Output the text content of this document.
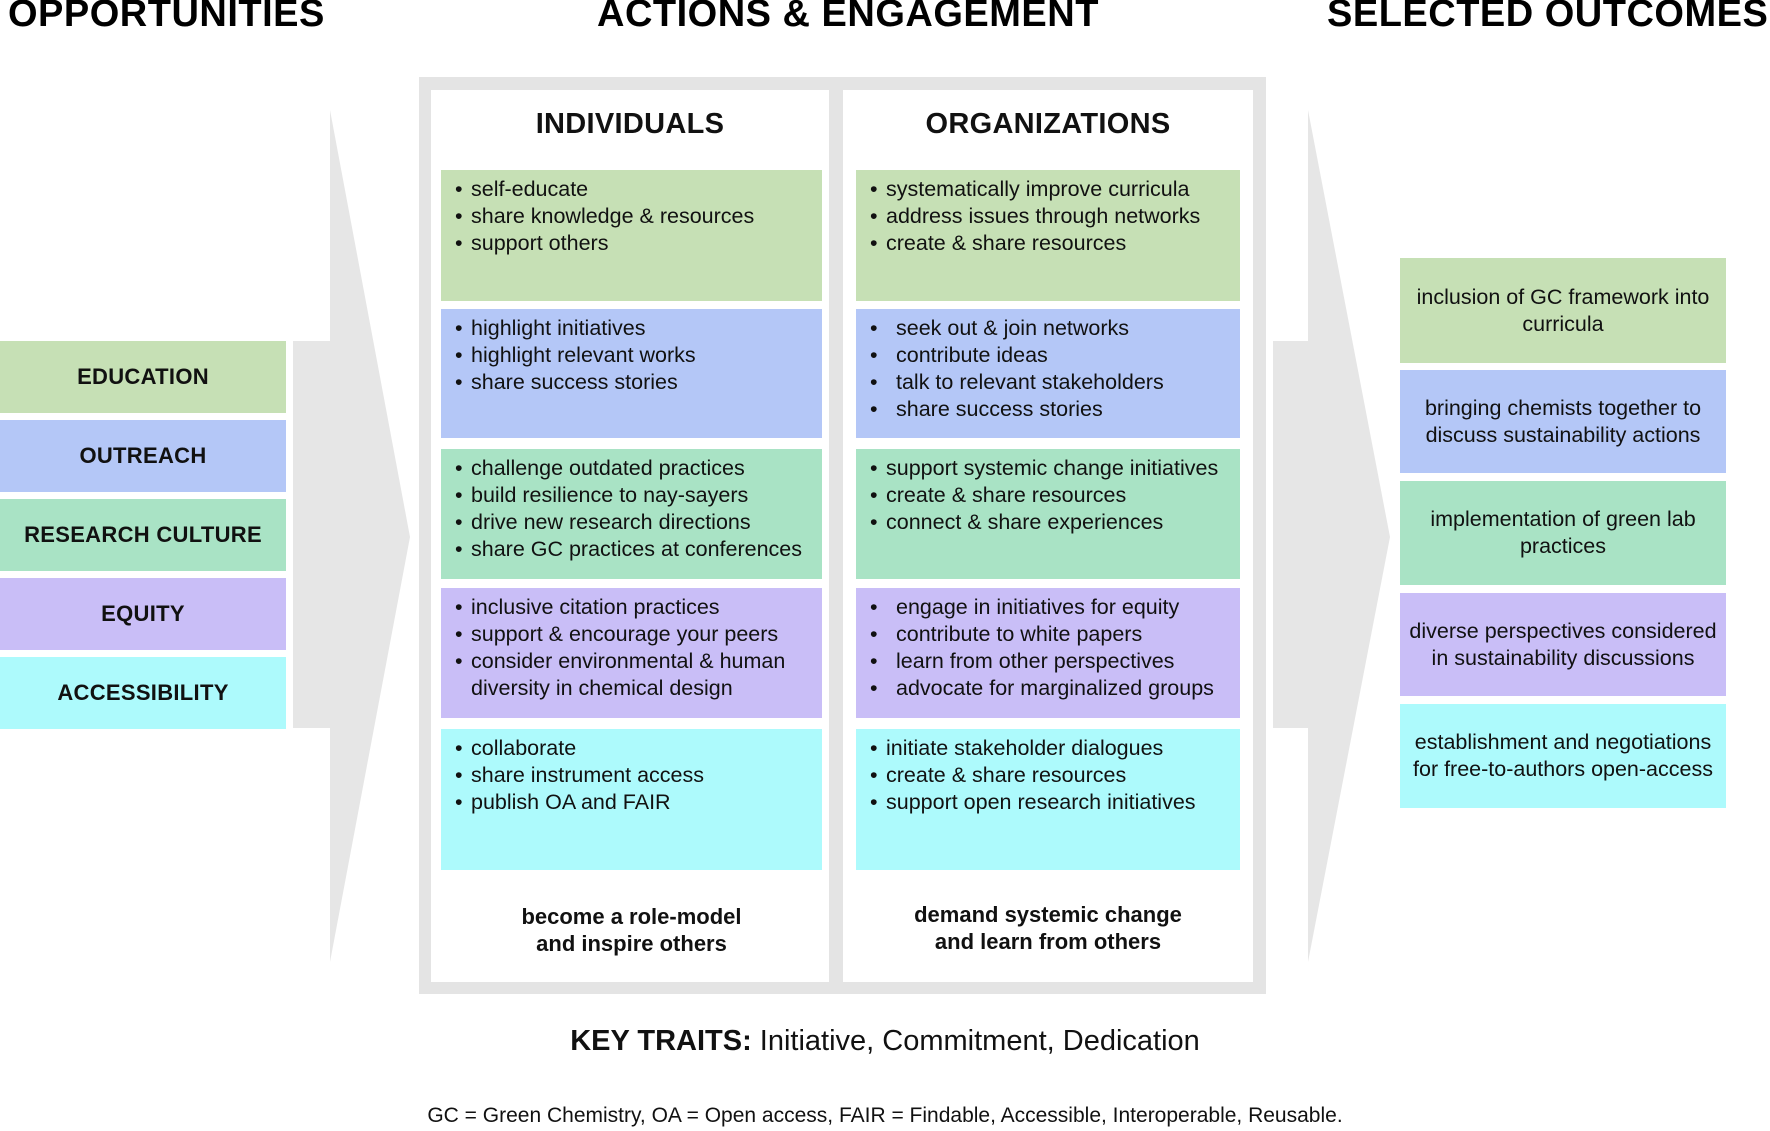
OPPORTUNITIES	ACTIONS & ENGAGEMENT	SELECTED OUTCOMES
EDUCATION
OUTREACH
RESEARCH CULTURE
EQUITY
ACCESSIBILITY
INDIVIDUALS	ORGANIZATIONS
• self-educate
• share knowledge & resources
• support others
• highlight initiatives
• highlight relevant works
• share success stories
• challenge outdated practices
• build resilience to nay-sayers
• drive new research directions
• share GC practices at conferences
• inclusive citation practices
• support & encourage your peers
• consider environmental & human diversity in chemical design
• collaborate
• share instrument access
• publish OA and FAIR
• systematically improve curricula
• address issues through networks
• create & share resources
• seek out & join networks
• contribute ideas
• talk to relevant stakeholders
• share success stories
• support systemic change initiatives
• create & share resources
• connect & share experiences
• engage in initiatives for equity
• contribute to white papers
• learn from other perspectives
• advocate for marginalized groups
• initiate stakeholder dialogues
• create & share resources
• support open research initiatives
become a role-model
and inspire others
demand systemic change
and learn from others
inclusion of GC framework into curricula
bringing chemists together to discuss sustainability actions
implementation of green lab practices
diverse perspectives considered in sustainability discussions
establishment and negotiations for free-to-authors open-access
KEY TRAITS: Initiative, Commitment, Dedication
GC = Green Chemistry, OA = Open access, FAIR = Findable, Accessible, Interoperable, Reusable.
